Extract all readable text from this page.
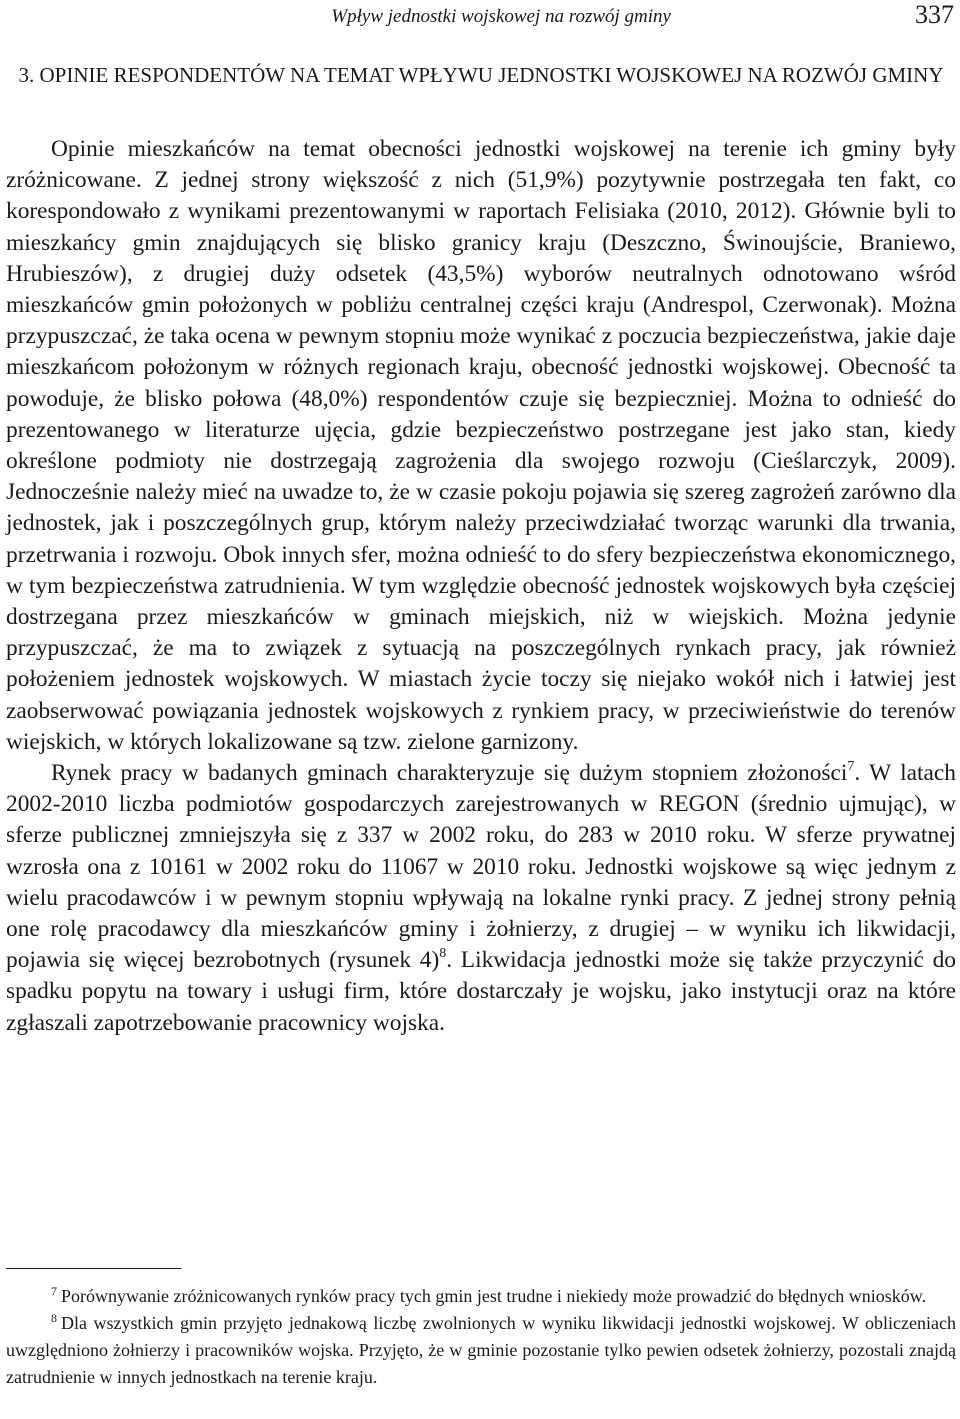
Wpływ jednostki wojskowej na rozwój gminy	337
3. OPINIE RESPONDENTÓW NA TEMAT WPŁYWU JEDNOSTKI WOJSKOWEJ NA ROZWÓJ GMINY

Opinie mieszkańców na temat obecności jednostki wojskowej na terenie ich gminy były zróżnicowane. Z jednej strony większość z nich (51,9%) pozytywnie postrzegała ten fakt, co korespondowało z wynikami prezentowanymi w raportach Felisiaka (2010, 2012). Głównie byli to mieszkańcy gmin znajdujących się blisko granicy kraju (Deszczno, Świnoujście, Braniewo, Hrubieszów), z drugiej duży odsetek (43,5%) wyborów neutralnych odnotowano wśród mieszkańców gmin położonych w pobliżu centralnej części kraju (Andrespol, Czerwonak). Można przypuszczać, że taka ocena w pewnym stopniu może wynikać z poczucia bezpieczeństwa, jakie daje mieszkańcom położonym w różnych regionach kraju, obecność jednostki wojskowej. Obecność ta powoduje, że blisko połowa (48,0%) respondentów czuje się bezpieczniej. Można to odnieść do prezentowanego w literaturze ujęcia, gdzie bezpieczeństwo postrzegane jest jako stan, kiedy określone podmioty nie dostrzegają zagrożenia dla swojego rozwoju (Cieślarczyk, 2009). Jednocześnie należy mieć na uwadze to, że w czasie pokoju pojawia się szereg zagrożeń zarówno dla jednostek, jak i poszczególnych grup, którym należy przeciwdziałać tworząc warunki dla trwania, przetrwania i rozwoju. Obok innych sfer, można odnieść to do sfery bezpieczeństwa ekonomicznego, w tym bezpieczeństwa zatrudnienia. W tym względzie obecność jednostek wojskowych była częściej dostrzegana przez mieszkańców w gminach miejskich, niż w wiejskich. Można jedynie przypuszczać, że ma to związek z sytuacją na poszczególnych rynkach pracy, jak również położeniem jednostek wojskowych. W miastach życie toczy się niejako wokół nich i łatwiej jest zaobserwować powiązania jednostek wojskowych z rynkiem pracy, w przeciwieństwie do terenów wiejskich, w których lokalizowane są tzw. zielone garnizony.

Rynek pracy w badanych gminach charakteryzuje się dużym stopniem złożoności$^7$. W latach 2002-2010 liczba podmiotów gospodarczych zarejestrowanych w REGON (średnio ujmując), w sferze publicznej zmniejszyła się z 337 w 2002 roku, do 283 w 2010 roku. W sferze prywatnej wzrosła ona z 10161 w 2002 roku do 11067 w 2010 roku. Jednostki wojskowe są więc jednym z wielu pracodawców i w pewnym stopniu wpływają na lokalne rynki pracy. Z jednej strony pełnią one rolę pracodawcy dla mieszkańców gminy i żołnierzy, z drugiej – w wyniku ich likwidacji, pojawia się więcej bezrobotnych (rysunek 4)$^8$. Likwidacja jednostki może się także przyczynić do spadku popytu na towary i usługi firm, które dostarczały je wojsku, jako instytucji oraz na które zgłaszali zapotrzebowanie pracownicy wojska.

$^7$ Porównywanie zróżnicowanych rynków pracy tych gmin jest trudne i niekiedy może prowadzić do błędnych wniosków.

$^8$ Dla wszystkich gmin przyjęto jednakową liczbę zwolnionych w wyniku likwidacji jednostki wojskowej. W obliczeniach uwzględniono żołnierzy i pracowników wojska. Przyjęto, że w gminie pozostanie tylko pewien odsetek żołnierzy, pozostali znajdą zatrudnienie w innych jednostkach na terenie kraju.
